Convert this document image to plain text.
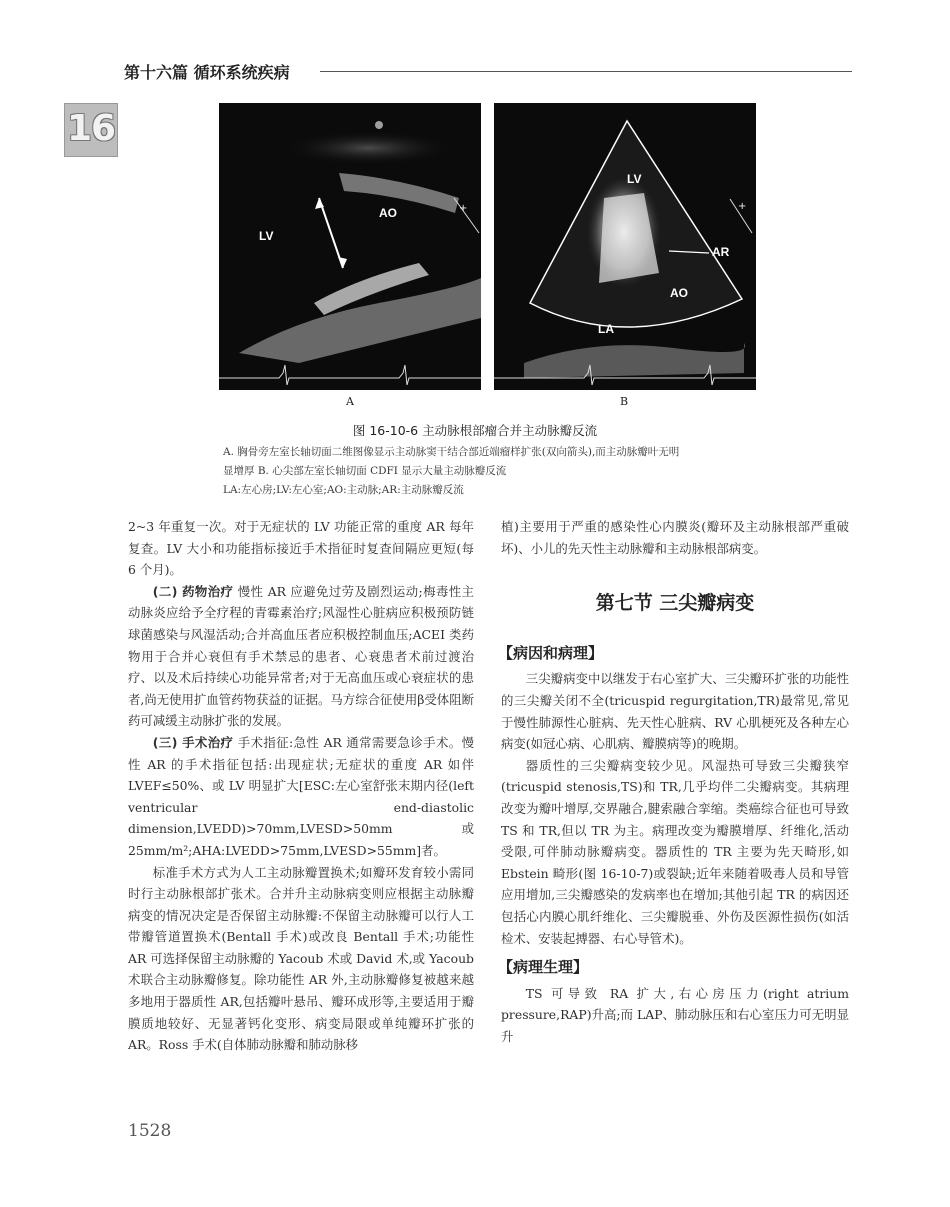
第十六篇 循环系统疾病
16
+
LV
AO
A
+
LV
AR
AO
LA
B
图 16-10-6 主动脉根部瘤合并主动脉瓣反流
A. 胸骨旁左室长轴切面二维图像显示主动脉窦干结合部近端瘤样扩张(双向箭头),而主动脉瓣叶无明
显增厚 B. 心尖部左室长轴切面 CDFI 显示大量主动脉瓣反流
LA:左心房;LV:左心室;AO:主动脉;AR:主动脉瓣反流

2~3 年重复一次。对于无症状的 LV 功能正常的重度 AR 每年复查。LV 大小和功能指标接近手术指征时复查间隔应更短(每 6 个月)。

(二) 药物治疗 慢性 AR 应避免过劳及剧烈运动;梅毒性主动脉炎应给予全疗程的青霉素治疗;风湿性心脏病应积极预防链球菌感染与风湿活动;合并高血压者应积极控制血压;ACEI 类药物用于合并心衰但有手术禁忌的患者、心衰患者术前过渡治疗、以及术后持续心功能异常者;对于无高血压或心衰症状的患者,尚无使用扩血管药物获益的证据。马方综合征使用β受体阻断药可减缓主动脉扩张的发展。

(三) 手术治疗 手术指征:急性 AR 通常需要急诊手术。慢性 AR 的手术指征包括:出现症状;无症状的重度 AR 如伴 LVEF≤50%、或 LV 明显扩大[ESC:左心室舒张末期内径(left ventricular end-diastolic dimension,LVEDD)>70mm,LVESD>50mm 或 25mm/m²;AHA:LVEDD>75mm,LVESD>55mm]者。

标准手术方式为人工主动脉瓣置换术;如瓣环发育较小需同时行主动脉根部扩张术。合并升主动脉病变则应根据主动脉瓣病变的情况决定是否保留主动脉瓣:不保留主动脉瓣可以行人工带瓣管道置换术(Bentall 手术)或改良 Bentall 手术;功能性 AR 可选择保留主动脉瓣的 Yacoub 术或 David 术,或 Yacoub 术联合主动脉瓣修复。除功能性 AR 外,主动脉瓣修复被越来越多地用于器质性 AR,包括瓣叶悬吊、瓣环成形等,主要适用于瓣膜质地较好、无显著钙化变形、病变局限或单纯瓣环扩张的 AR。Ross 手术(自体肺动脉瓣和肺动脉移

植)主要用于严重的感染性心内膜炎(瓣环及主动脉根部严重破坏)、小儿的先天性主动脉瓣和主动脉根部病变。

第七节 三尖瓣病变
【病因和病理】

三尖瓣病变中以继发于右心室扩大、三尖瓣环扩张的功能性的三尖瓣关闭不全(tricuspid regurgitation,TR)最常见,常见于慢性肺源性心脏病、先天性心脏病、RV 心肌梗死及各种左心病变(如冠心病、心肌病、瓣膜病等)的晚期。

器质性的三尖瓣病变较少见。风湿热可导致三尖瓣狭窄(tricuspid stenosis,TS)和 TR,几乎均伴二尖瓣病变。其病理改变为瓣叶增厚,交界融合,腱索融合挛缩。类癌综合征也可导致 TS 和 TR,但以 TR 为主。病理改变为瓣膜增厚、纤维化,活动受限,可伴肺动脉瓣病变。器质性的 TR 主要为先天畸形,如 Ebstein 畸形(图 16-10-7)或裂缺;近年来随着吸毒人员和导管应用增加,三尖瓣感染的发病率也在增加;其他引起 TR 的病因还包括心内膜心肌纤维化、三尖瓣脱垂、外伤及医源性损伤(如活检术、安装起搏器、右心导管术)。

【病理生理】

TS 可导致 RA 扩大,右心房压力(right atrium pressure,RAP)升高;而 LAP、肺动脉压和右心室压力可无明显升

1528
